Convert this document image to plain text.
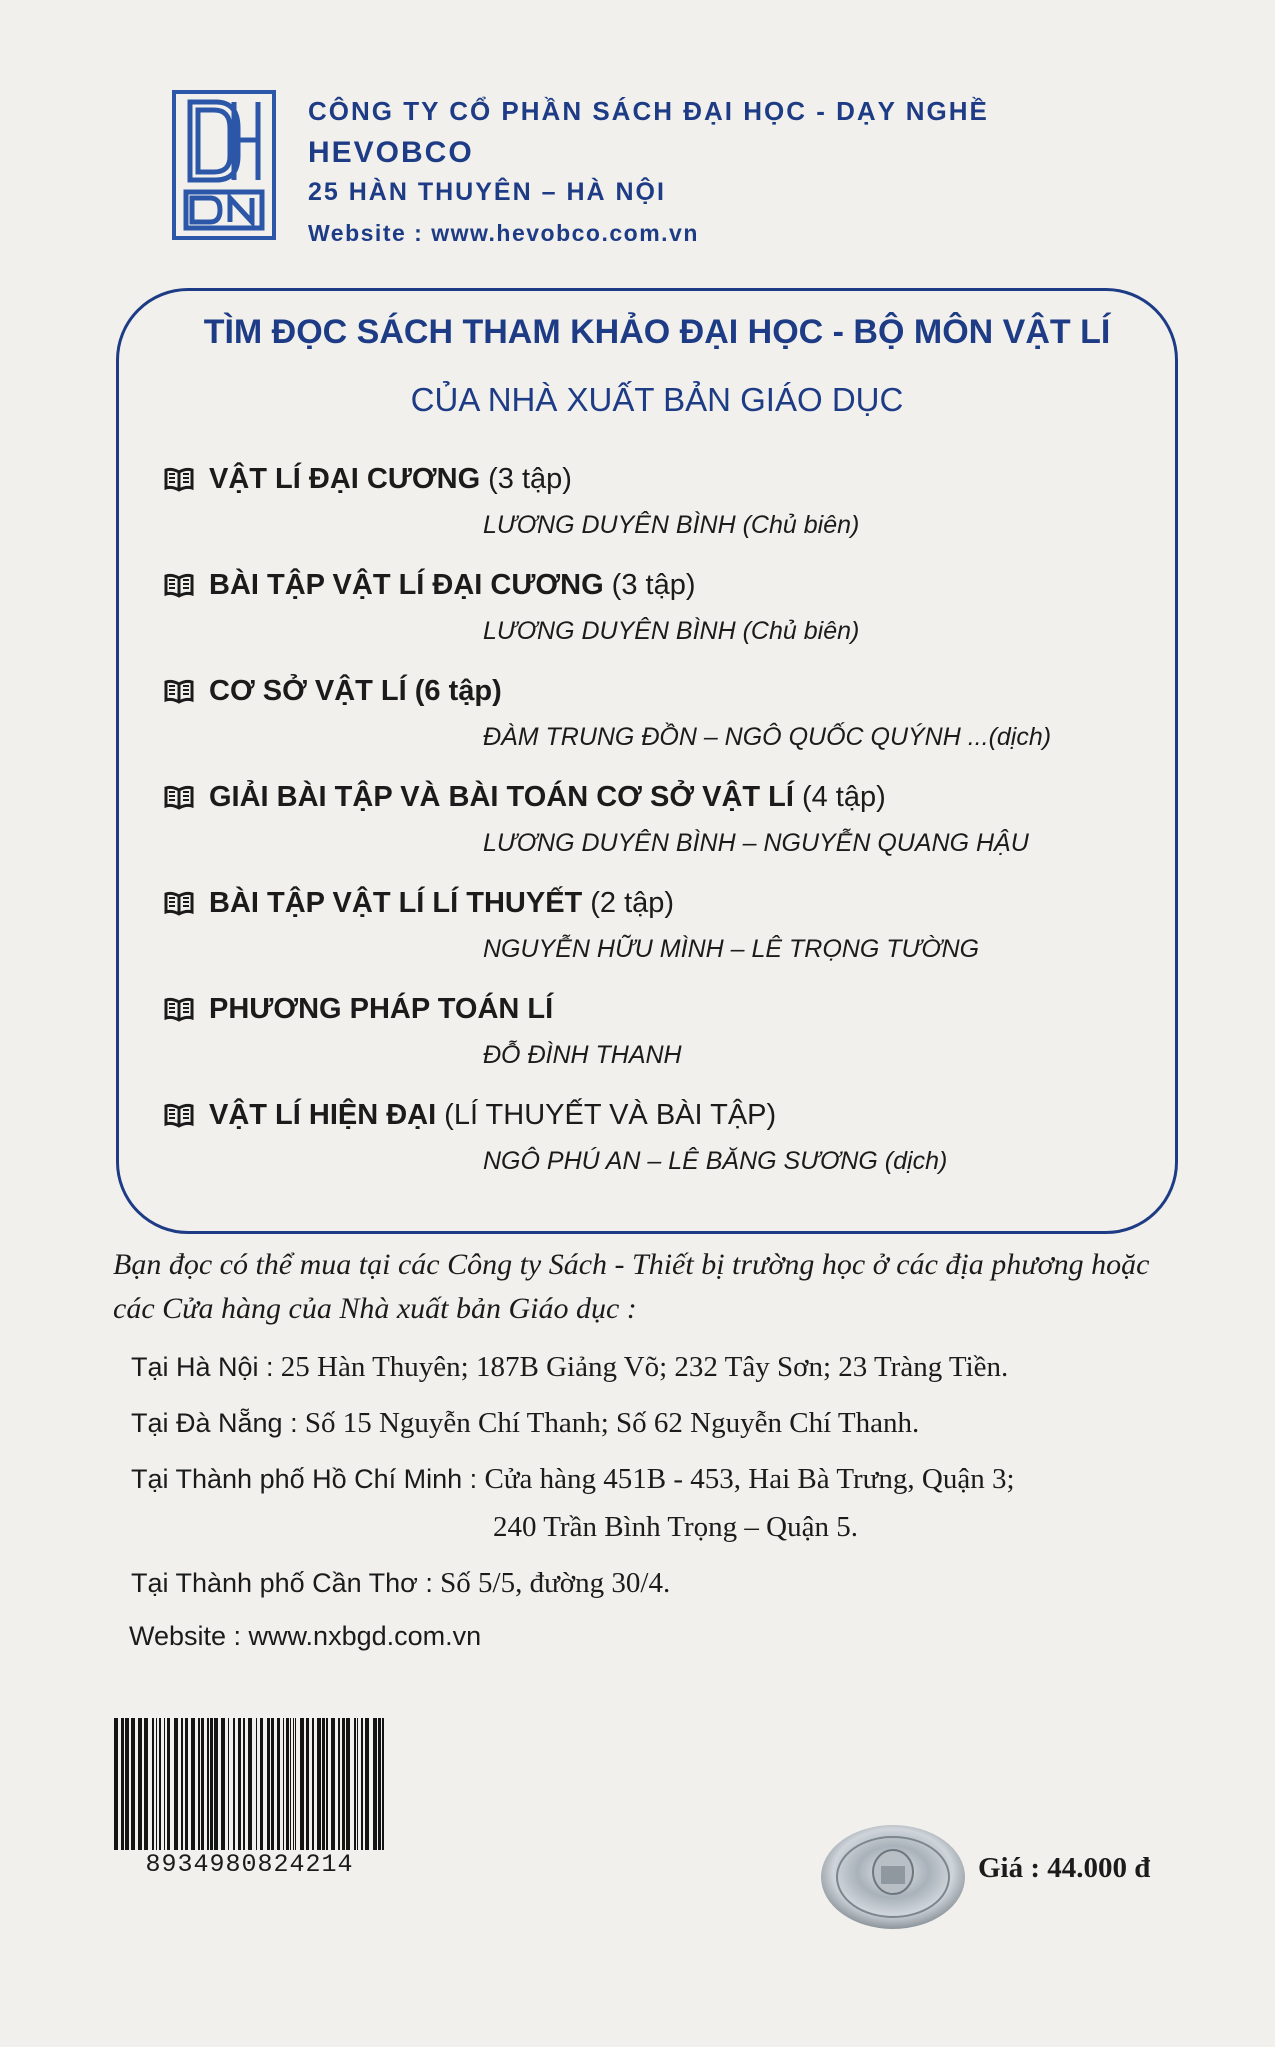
CÔNG TY CỔ PHẦN SÁCH ĐẠI HỌC - DẠY NGHỀ
HEVOBCO
25 HÀN THUYÊN – HÀ NỘI
Website : www.hevobco.com.vn
TÌM ĐỌC SÁCH THAM KHẢO ĐẠI HỌC - BỘ MÔN VẬT LÍ
CỦA NHÀ XUẤT BẢN GIÁO DỤC
VẬT LÍ ĐẠI CƯƠNG (3 tập)
LƯƠNG DUYÊN BÌNH (Chủ biên)
BÀI TẬP VẬT LÍ ĐẠI CƯƠNG (3 tập)
LƯƠNG DUYÊN BÌNH (Chủ biên)
CƠ SỞ VẬT LÍ (6 tập)
ĐÀM TRUNG ĐỒN – NGÔ QUỐC QUÝNH ...(dịch)
GIẢI BÀI TẬP VÀ BÀI TOÁN CƠ SỞ VẬT LÍ (4 tập)
LƯƠNG DUYÊN BÌNH – NGUYỄN QUANG HẬU
BÀI TẬP VẬT LÍ LÍ THUYẾT (2 tập)
NGUYỄN HỮU MÌNH – LÊ TRỌNG TƯỜNG
PHƯƠNG PHÁP TOÁN LÍ
ĐỖ ĐÌNH THANH
VẬT LÍ HIỆN ĐẠI (LÍ THUYẾT VÀ BÀI TẬP)
NGÔ PHÚ AN – LÊ BĂNG SƯƠNG (dịch)
Bạn đọc có thể mua tại các Công ty Sách - Thiết bị trường học ở các địa phương hoặc các Cửa hàng của Nhà xuất bản Giáo dục :
Tại Hà Nội : 25 Hàn Thuyên; 187B Giảng Võ; 232 Tây Sơn; 23 Tràng Tiền.
Tại Đà Nẵng : Số 15 Nguyễn Chí Thanh; Số 62 Nguyễn Chí Thanh.
Tại Thành phố Hồ Chí Minh : Cửa hàng 451B - 453, Hai Bà Trưng, Quận 3;
240 Trần Bình Trọng – Quận 5.
Tại Thành phố Cần Thơ : Số 5/5, đường 30/4.
Website : www.nxbgd.com.vn
8934980824214	Giá : 44.000 đ
